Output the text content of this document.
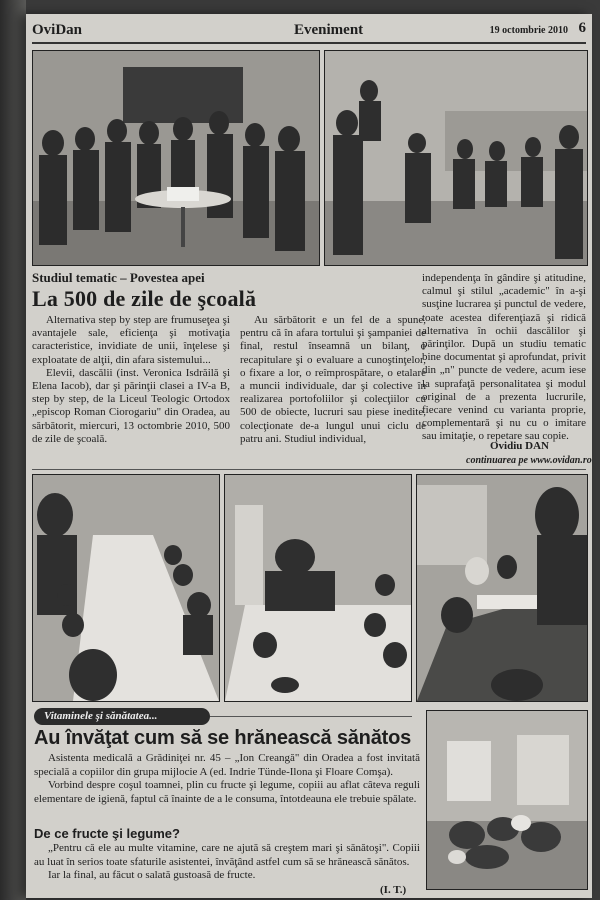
OviDan	Eveniment	19 octombrie 2010 6
Studiul tematic – Povestea apei
La 500 de zile de şcoală

Alternativa step by step are frumuseţea şi avantajele sale, eficienţa şi motivaţia caracteristice, invidiate de unii, înţelese şi exploatate de alţii, din afara sistemului...

Elevii, dascălii (inst. Veronica Isdrăilă şi Elena Iacob), dar şi părinţii clasei a IV-a B, step by step, de la Liceul Teologic Ortodox „episcop Roman Ciorogariu" din Oradea, au sărbătorit, miercuri, 13 octombrie 2010, 500 de zile de şcoală.

Au sărbătorit e un fel de a spune, pentru că în afara tortului şi şampaniei de final, restul înseamnă un bilanţ, o recapitulare şi o evaluare a cunoştinţelor, o fixare a lor, o reîmprospătare, o etalare a muncii individuale, dar şi colective în realizarea portofoliilor şi colecţiilor cu 500 de obiecte, lucruri sau piese inedite, colecţionate de-a lungul unui ciclu de patru ani. Studiul individual,

independenţa în gândire şi atitudine, calmul şi stilul „academic" în a-şi susţine lucrarea şi punctul de vedere, toate acestea diferenţiază şi ridică alternativa în ochii dascălilor şi părinţilor. După un studiu tematic bine documentat şi aprofundat, privit din „n" puncte de vedere, acum iese la suprafaţă personalitatea şi modul original de a prezenta lucrurile, fiecare venind cu varianta proprie, complementară şi nu cu o imitare sau imitaţie, o repetare sau copie.

Ovidiu DAN
continuarea pe www.ovidan.ro
Vitaminele şi sănătatea...
Au învăţat cum să se hrănească sănătos

Asistenta medicală a Grădiniţei nr. 45 – „Ion Creangă" din Oradea a fost invitată specială a copiilor din grupa mijlocie A (ed. Indrie Tünde-Ilona şi Floare Comşa).

Vorbind despre coşul toamnei, plin cu fructe şi legume, copiii au aflat câteva reguli elementare de igienă, faptul că înainte de a le consuma, întotdeauna ele trebuie spălate.

De ce fructe şi legume?

„Pentru că ele au multe vitamine, care ne ajută să creştem mari şi sănătoşi". Copiii au luat în serios toate sfaturile asistentei, învăţând astfel cum să se hrănească sănătos.

Iar la final, au făcut o salată gustoasă de fructe.

(I. T.)
